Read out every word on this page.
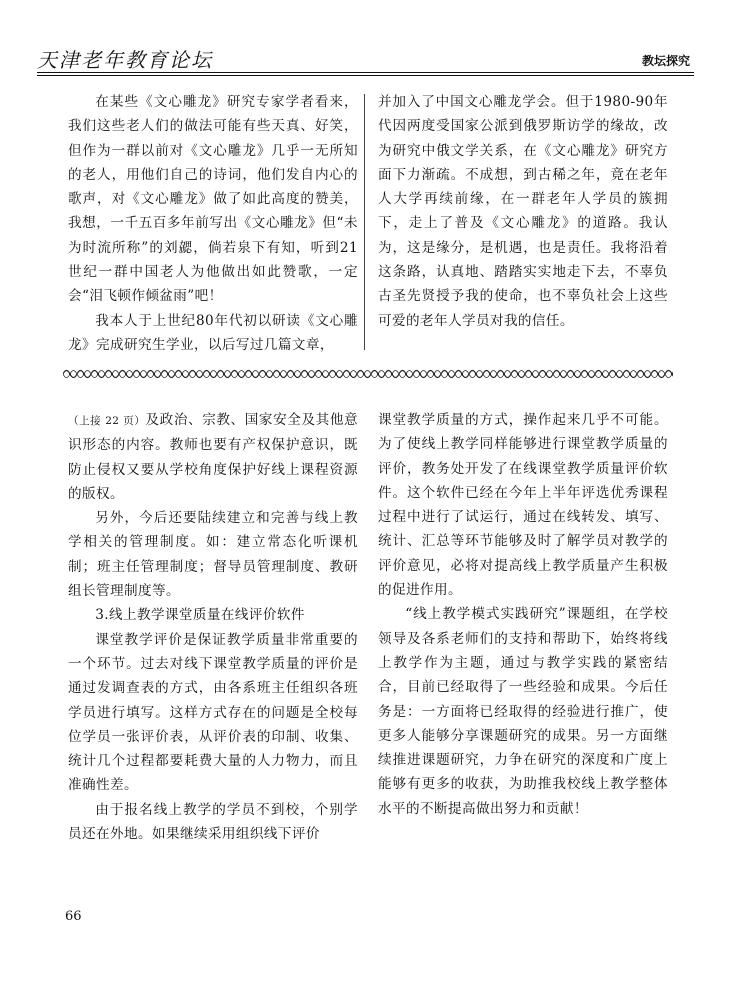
天津老年教育论坛	教坛探究

在某些《文心雕龙》研究专家学者看来，我们这些老人们的做法可能有些天真、好笑，但作为一群以前对《文心雕龙》几乎一无所知的老人，用他们自己的诗词，他们发自内心的歌声，对《文心雕龙》做了如此高度的赞美，我想，一千五百多年前写出《文心雕龙》但“未为时流所称”的刘勰，倘若泉下有知，听到21世纪一群中国老人为他做出如此赞歌，一定会“泪飞顿作倾盆雨”吧！

我本人于上世纪80年代初以研读《文心雕龙》完成研究生学业，以后写过几篇文章，

并加入了中国文心雕龙学会。但于1980-90年代因两度受国家公派到俄罗斯访学的缘故，改为研究中俄文学关系，在《文心雕龙》研究方面下力渐疏。不成想，到古稀之年，竟在老年人大学再续前缘，在一群老年人学员的簇拥下，走上了普及《文心雕龙》的道路。我认为，这是缘分，是机遇，也是责任。我将沿着这条路，认真地、踏踏实实地走下去，不辜负古圣先贤授予我的使命，也不辜负社会上这些可爱的老年人学员对我的信任。

（上接 22 页）及政治、宗教、国家安全及其他意识形态的内容。教师也要有产权保护意识，既防止侵权又要从学校角度保护好线上课程资源的版权。

另外，今后还要陆续建立和完善与线上教学相关的管理制度。如：建立常态化听课机制；班主任管理制度；督导员管理制度、教研组长管理制度等。

3.线上教学课堂质量在线评价软件

课堂教学评价是保证教学质量非常重要的一个环节。过去对线下课堂教学质量的评价是通过发调查表的方式，由各系班主任组织各班学员进行填写。这样方式存在的问题是全校每位学员一张评价表，从评价表的印制、收集、统计几个过程都要耗费大量的人力物力，而且准确性差。

由于报名线上教学的学员不到校，个别学员还在外地。如果继续采用组织线下评价

课堂教学质量的方式，操作起来几乎不可能。为了使线上教学同样能够进行课堂教学质量的评价，教务处开发了在线课堂教学质量评价软件。这个软件已经在今年上半年评选优秀课程过程中进行了试运行，通过在线转发、填写、统计、汇总等环节能够及时了解学员对教学的评价意见，必将对提高线上教学质量产生积极的促进作用。

“线上教学模式实践研究”课题组，在学校领导及各系老师们的支持和帮助下，始终将线上教学作为主题，通过与教学实践的紧密结合，目前已经取得了一些经验和成果。今后任务是：一方面将已经取得的经验进行推广，使更多人能够分享课题研究的成果。另一方面继续推进课题研究，力争在研究的深度和广度上能够有更多的收获，为助推我校线上教学整体水平的不断提高做出努力和贡献！

66
